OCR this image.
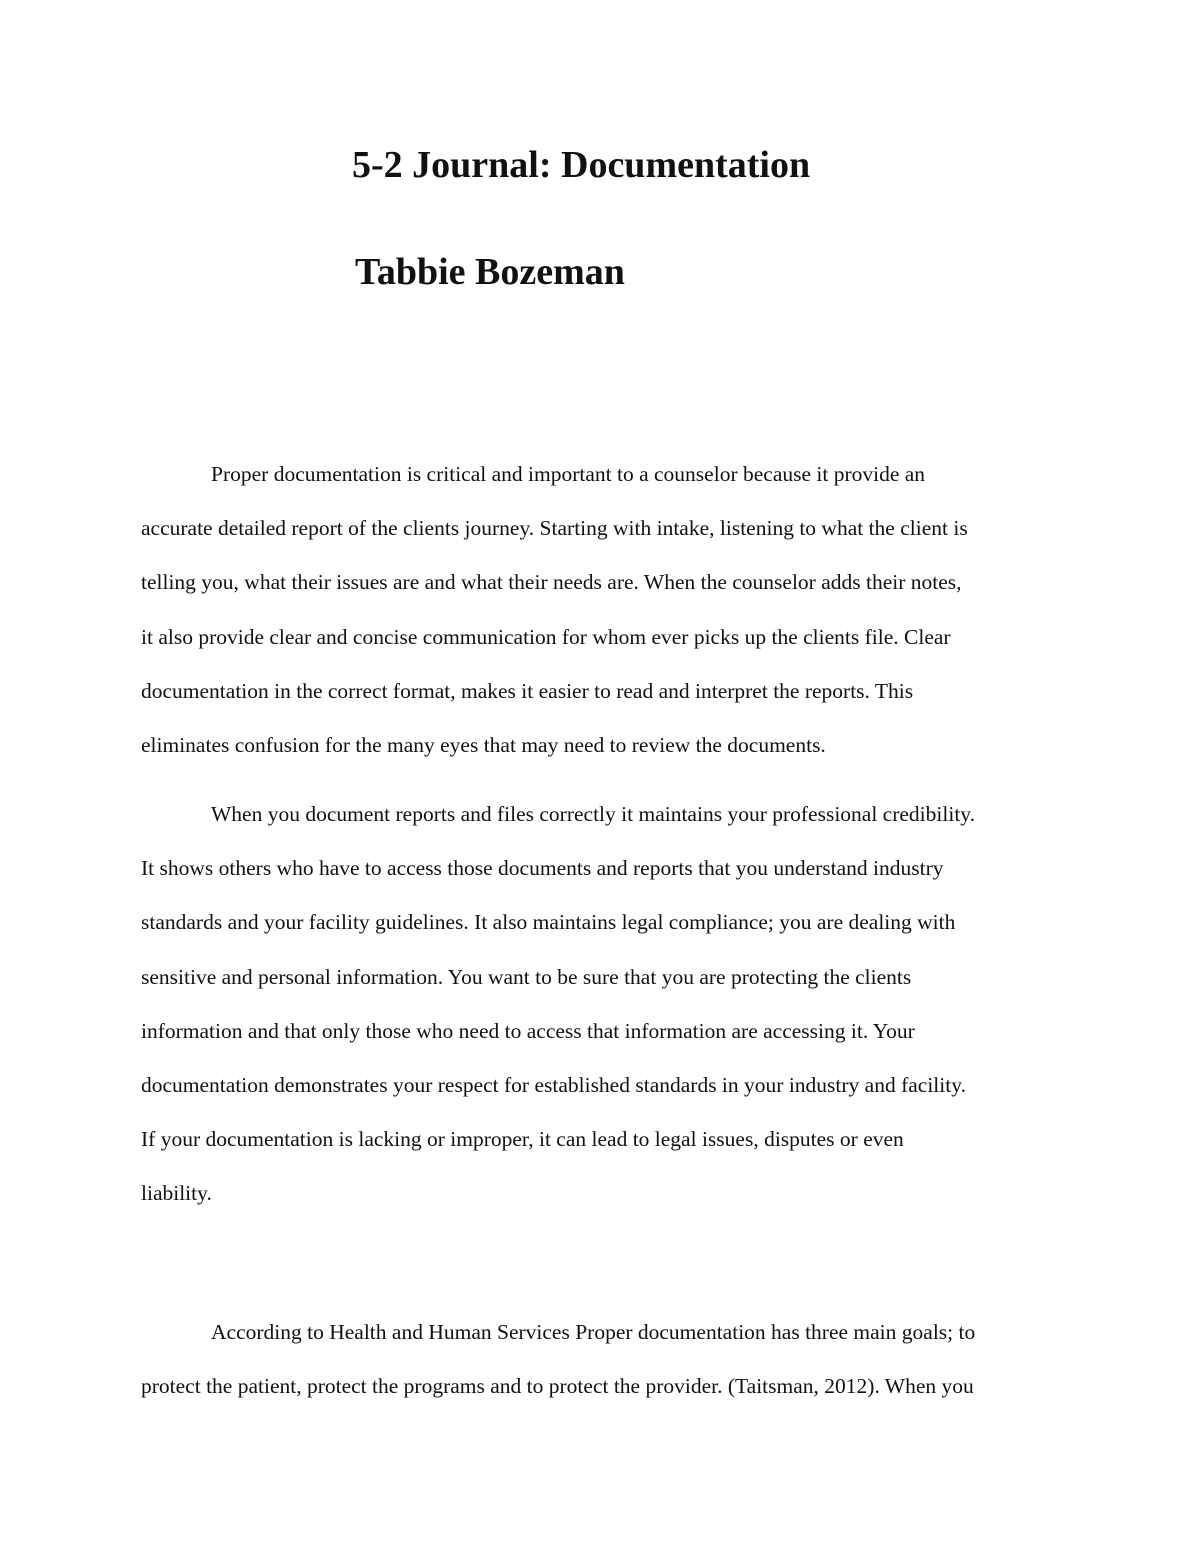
5-2 Journal: Documentation
Tabbie Bozeman

Proper documentation is critical and important to a counselor because it provide an
accurate detailed report of the clients journey. Starting with intake, listening to what the client is
telling you, what their issues are and what their needs are. When the counselor adds their notes,
it also provide clear and concise communication for whom ever picks up the clients file. Clear
documentation in the correct format, makes it easier to read and interpret the reports. This
eliminates confusion for the many eyes that may need to review the documents.

When you document reports and files correctly it maintains your professional credibility.
It shows others who have to access those documents and reports that you understand industry
standards and your facility guidelines. It also maintains legal compliance; you are dealing with
sensitive and personal information. You want to be sure that you are protecting the clients
information and that only those who need to access that information are accessing it. Your
documentation demonstrates your respect for established standards in your industry and facility.
If your documentation is lacking or improper, it can lead to legal issues, disputes or even
liability.

According to Health and Human Services Proper documentation has three main goals; to
protect the patient, protect the programs and to protect the provider. (Taitsman, 2012). When you
